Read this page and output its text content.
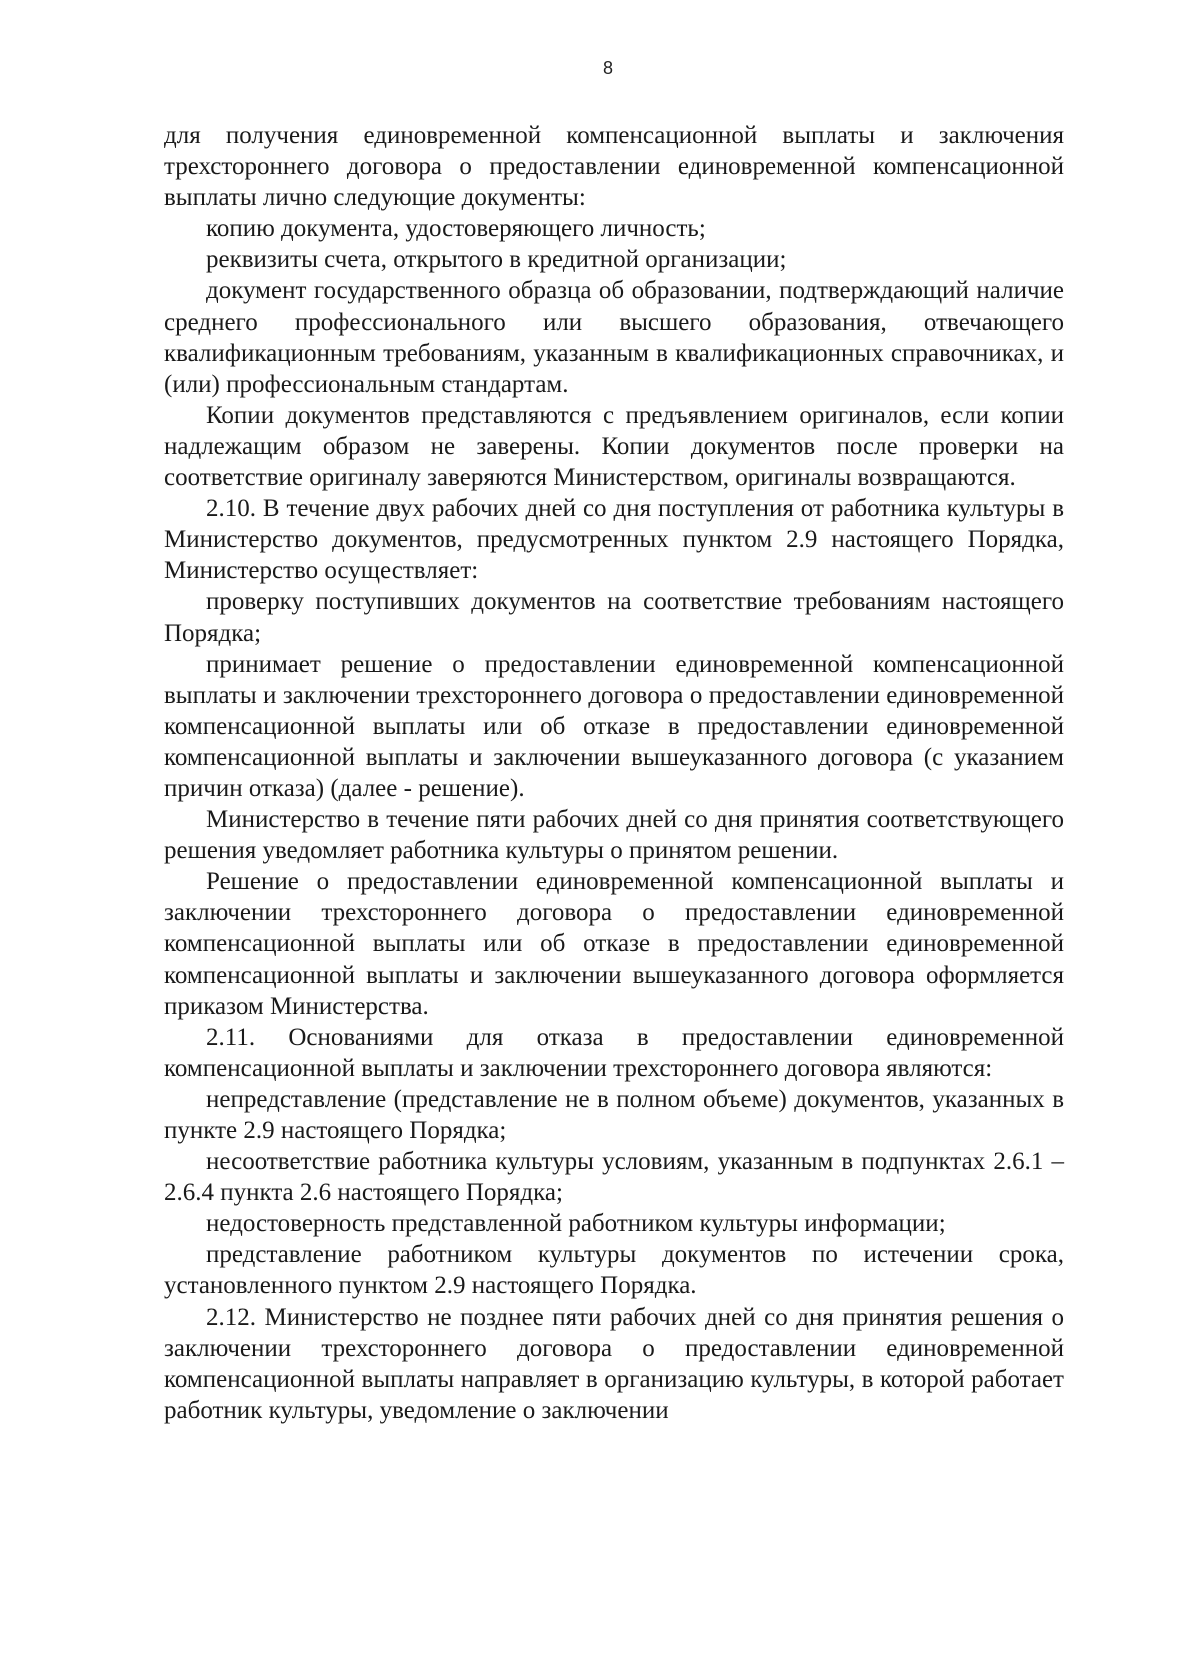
8

для получения единовременной компенсационной выплаты и заключения трехстороннего договора о предоставлении единовременной компенсационной выплаты лично следующие документы:

копию документа, удостоверяющего личность;

реквизиты счета, открытого в кредитной организации;

документ государственного образца об образовании, подтверждающий наличие среднего профессионального или высшего образования, отвечающего квалификационным требованиям, указанным в квалификационных справочниках, и (или) профессиональным стандартам.

Копии документов представляются с предъявлением оригиналов, если копии надлежащим образом не заверены. Копии документов после проверки на соответствие оригиналу заверяются Министерством, оригиналы возвращаются.

2.10. В течение двух рабочих дней со дня поступления от работника культуры в Министерство документов, предусмотренных пунктом 2.9 настоящего Порядка, Министерство осуществляет:

проверку поступивших документов на соответствие требованиям настоящего Порядка;

принимает решение о предоставлении единовременной компенсационной выплаты и заключении трехстороннего договора о предоставлении единовременной компенсационной выплаты или об отказе в предоставлении единовременной компенсационной выплаты и заключении вышеуказанного договора (с указанием причин отказа) (далее - решение).

Министерство в течение пяти рабочих дней со дня принятия соответствующего решения уведомляет работника культуры о принятом решении.

Решение о предоставлении единовременной компенсационной выплаты и заключении трехстороннего договора о предоставлении единовременной компенсационной выплаты или об отказе в предоставлении единовременной компенсационной выплаты и заключении вышеуказанного договора оформляется приказом Министерства.

2.11. Основаниями для отказа в предоставлении единовременной компенсационной выплаты и заключении трехстороннего договора являются:

непредставление (представление не в полном объеме) документов, указанных в пункте 2.9 настоящего Порядка;

несоответствие работника культуры условиям, указанным в подпунктах 2.6.1 – 2.6.4 пункта 2.6 настоящего Порядка;

недостоверность представленной работником культуры информации;

представление работником культуры документов по истечении срока, установленного пунктом 2.9 настоящего Порядка.

2.12. Министерство не позднее пяти рабочих дней со дня принятия решения о заключении трехстороннего договора о предоставлении единовременной компенсационной выплаты направляет в организацию культуры, в которой работает работник культуры, уведомление о заключении
